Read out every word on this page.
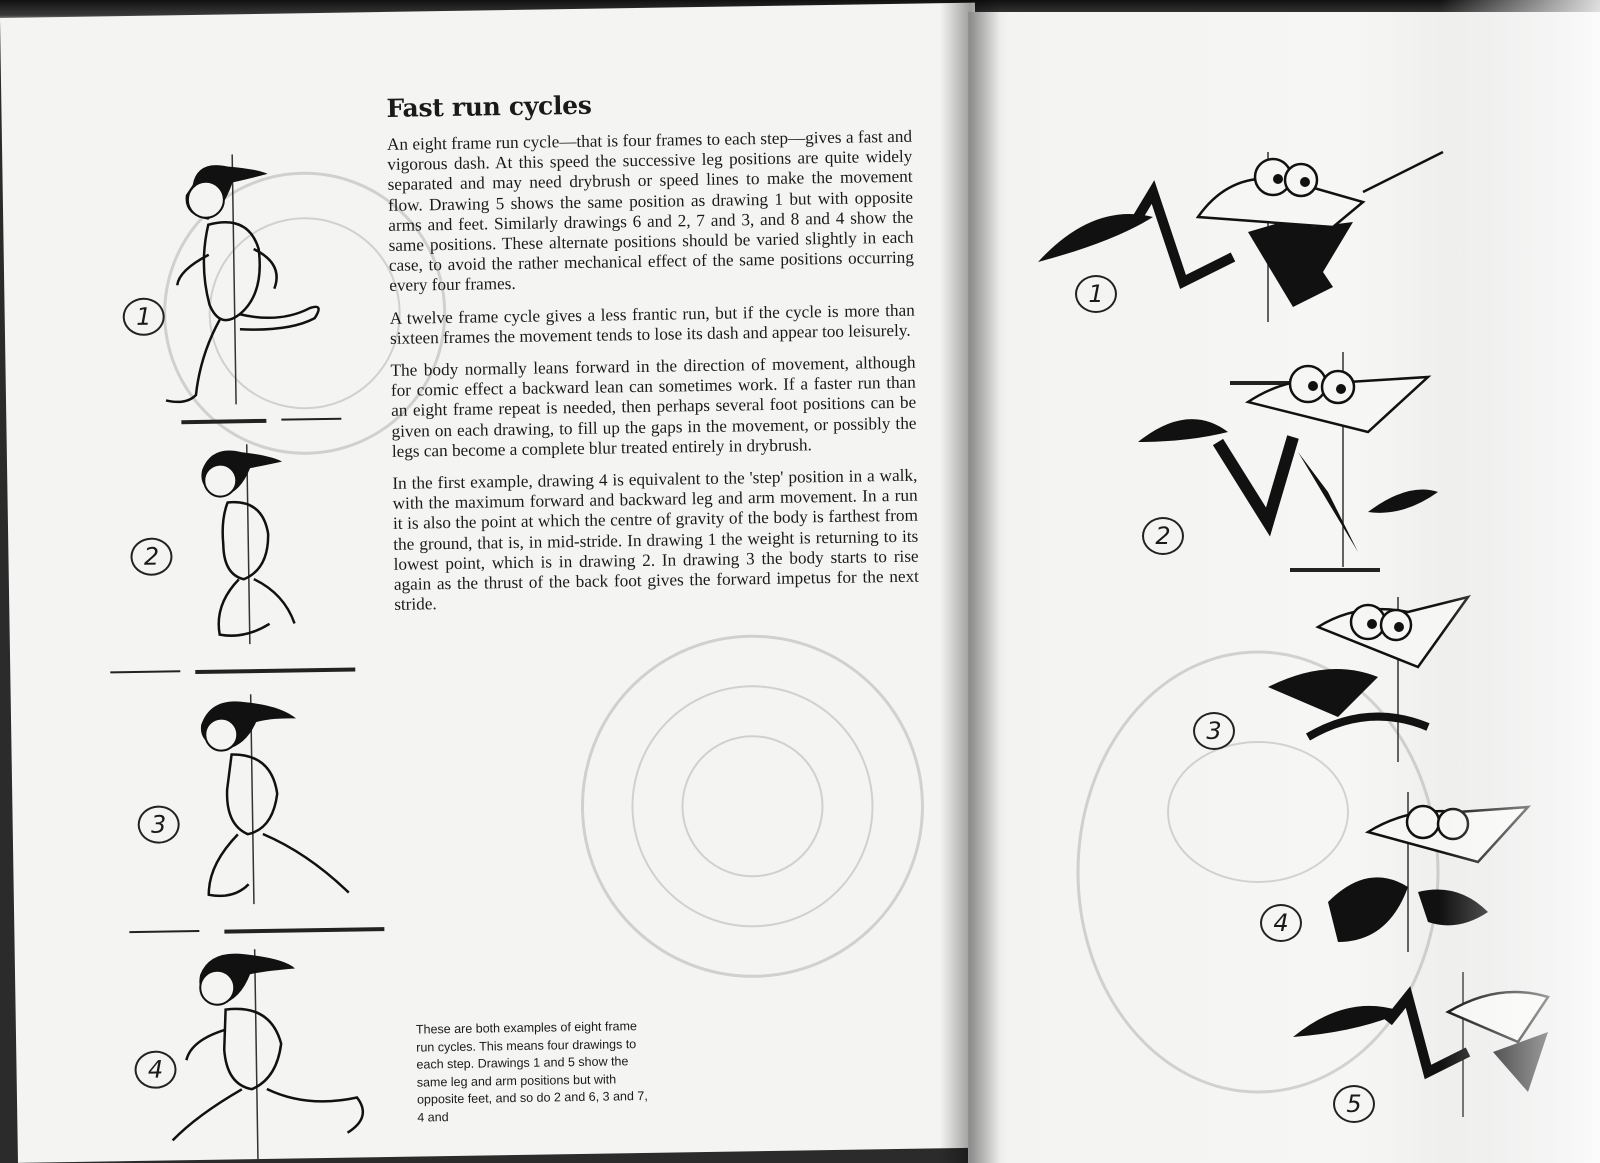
1
2
3
4
Fast run cycles

An eight frame run cycle—that is four frames to each step—gives a fast and vigorous dash. At this speed the successive leg positions are quite widely separated and may need drybrush or speed lines to make the movement flow. Drawing 5 shows the same position as drawing 1 but with opposite arms and feet. Similarly drawings 6 and 2, 7 and 3, and 8 and 4 show the same positions. These alternate positions should be varied slightly in each case, to avoid the rather mechanical effect of the same positions occurring every four frames.

A twelve frame cycle gives a less frantic run, but if the cycle is more than sixteen frames the movement tends to lose its dash and appear too leisurely.

The body normally leans forward in the direction of movement, although for comic effect a backward lean can sometimes work. If a faster run than an eight frame repeat is needed, then perhaps several foot positions can be given on each drawing, to fill up the gaps in the movement, or possibly the legs can become a complete blur treated entirely in drybrush.

In the first example, drawing 4 is equivalent to the 'step' position in a walk, with the maximum forward and backward leg and arm movement. In a run it is also the point at which the centre of gravity of the body is farthest from the ground, that is, in mid-stride. In drawing 1 the weight is returning to its lowest point, which is in drawing 2. In drawing 3 the body starts to rise again as the thrust of the back foot gives the forward impetus for the next stride.

These are both examples of eight frame run cycles. This means four drawings to each step. Drawings 1 and 5 show the same leg and arm positions but with opposite feet, and so do 2 and 6, 3 and 7, 4 and
1
2
3
4
5
